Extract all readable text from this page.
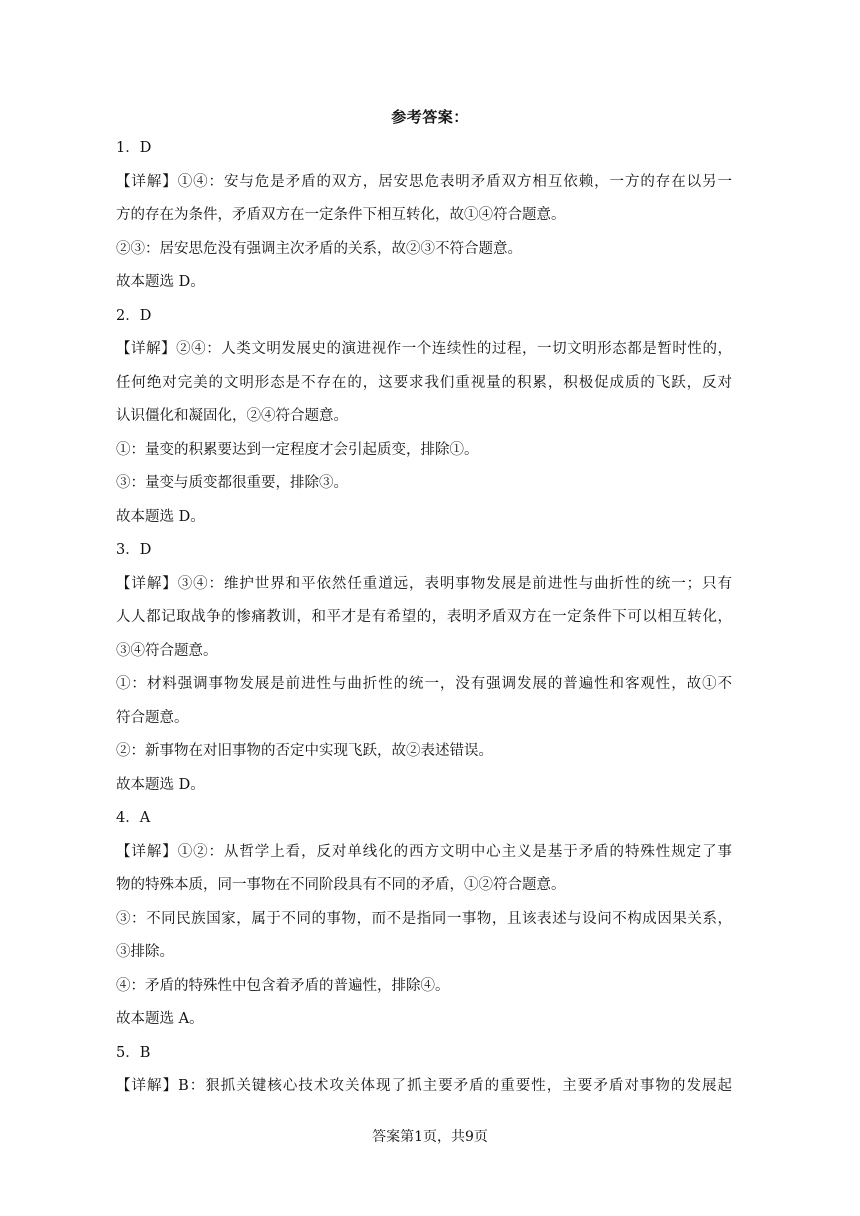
参考答案：
1．D
【详解】①④：安与危是矛盾的双方，居安思危表明矛盾双方相互依赖，一方的存在以另一
方的存在为条件，矛盾双方在一定条件下相互转化，故①④符合题意。
②③：居安思危没有强调主次矛盾的关系，故②③不符合题意。
故本题选 D。
2．D
【详解】②④：人类文明发展史的演进视作一个连续性的过程，一切文明形态都是暂时性的，
任何绝对完美的文明形态是不存在的，这要求我们重视量的积累，积极促成质的飞跃，反对
认识僵化和凝固化，②④符合题意。
①：量变的积累要达到一定程度才会引起质变，排除①。
③：量变与质变都很重要，排除③。
故本题选 D。
3．D
【详解】③④：维护世界和平依然任重道远，表明事物发展是前进性与曲折性的统一；只有
人人都记取战争的惨痛教训，和平才是有希望的，表明矛盾双方在一定条件下可以相互转化，
③④符合题意。
①：材料强调事物发展是前进性与曲折性的统一，没有强调发展的普遍性和客观性，故①不
符合题意。
②：新事物在对旧事物的否定中实现飞跃，故②表述错误。
故本题选 D。
4．A
【详解】①②：从哲学上看，反对单线化的西方文明中心主义是基于矛盾的特殊性规定了事
物的特殊本质，同一事物在不同阶段具有不同的矛盾，①②符合题意。
③：不同民族国家，属于不同的事物，而不是指同一事物，且该表述与设问不构成因果关系，
③排除。
④：矛盾的特殊性中包含着矛盾的普遍性，排除④。
故本题选 A。
5．B
【详解】B：狠抓关键核心技术攻关体现了抓主要矛盾的重要性，主要矛盾对事物的发展起
答案第1页，共9页
